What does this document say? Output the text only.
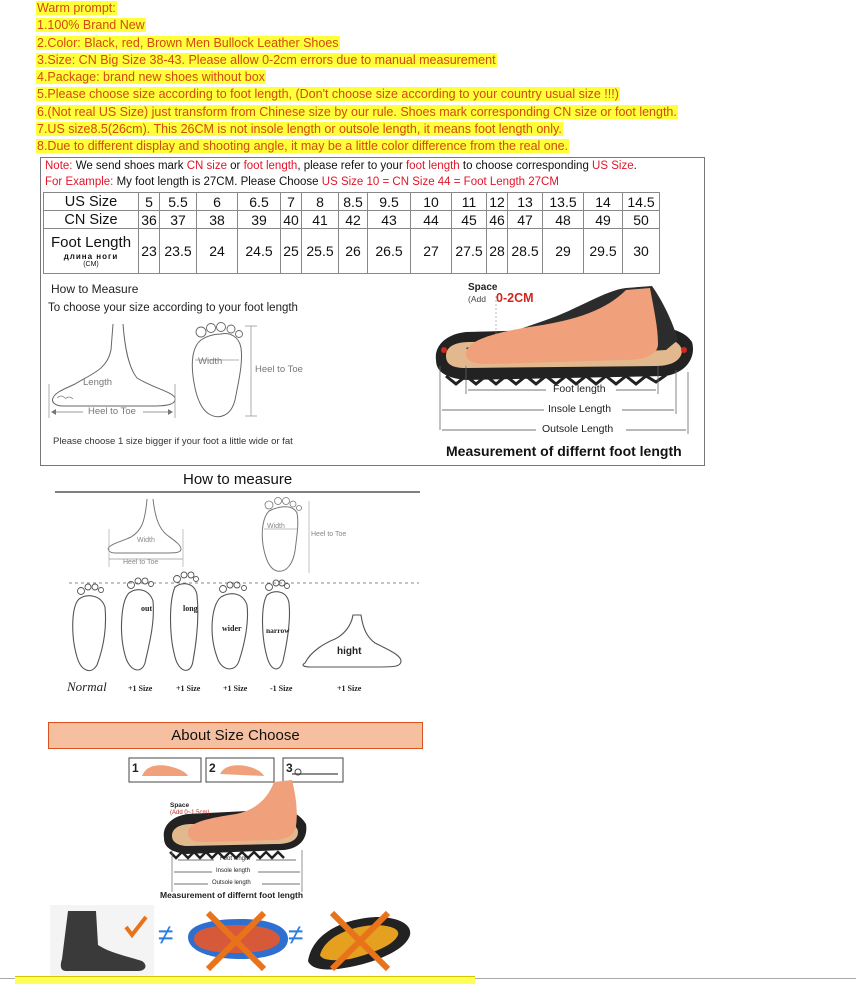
Warm prompt:
1.100% Brand New
2.Color: Black, red, Brown Men Bullock Leather Shoes
3.Size: CN Big Size 38-43. Please allow 0-2cm errors due to manual measurement
4.Package: brand new shoes without box
5.Please choose size according to foot length, (Don't choose size according to your country usual size !!!)
6.(Not real US Size) just transform from Chinese size by our rule. Shoes mark corresponding CN size or foot length.
7.US size8.5(26cm). This 26CM is not insole length or outsole length, it means foot length only.
8.Due to different display and shooting angle, it may be a little color difference from the real one.
Note: We send shoes mark CN size or foot length, please refer to your foot length to choose corresponding US Size.
For Example: My foot length is 27CM. Please Choose US Size 10 = CN Size 44 = Foot Length 27CM
US Size	5	5.5	6	6.5	7	8	8.5	9.5	10	11	12	13	13.5	14	14.5
CN Size	36	37	38	39	40	41	42	43	44	45	46	47	48	49	50

Foot Length
длина ноги
(CM)	23	23.5	24	24.5	25	25.5	26	26.5	27	27.5	28	28.5	29	29.5	30
How to Measure
To choose your size according to your foot length
Length
Heel to Toe
Width
Heel to Toe
Please choose 1 size bigger if your foot a little wide or fat
Space
(Add 0-2CM
Foot length
Insole Length
Outsole Length
Measurement of differnt foot length
How to measure
Width
Heel to Toe
Width
Heel to Toe
out	long
wider	narrow
hight
Normal	+1 Size	+1 Size	+1 Size	-1 Size	+1 Size
About Size Choose
1	2	3
Space
(Add 0~1.5cm)
Foot length
Insole length
Outsole length
Measurement of differnt foot length
≠	≠
